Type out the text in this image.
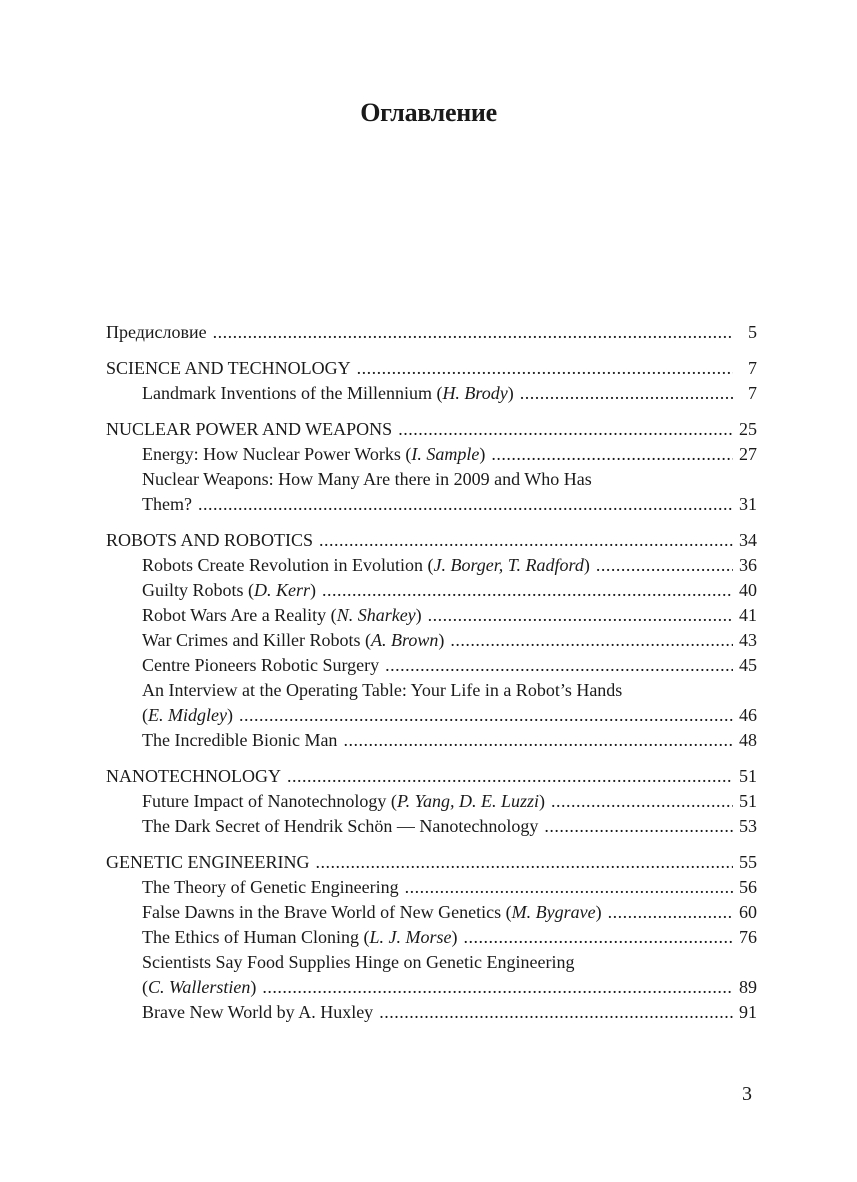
Оглавление
Предисловие .....	5
SCIENCE AND TECHNOLOGY .....	7
Landmark Inventions of the Millennium (H. Brody) .....	7
NUCLEAR POWER AND WEAPONS .....	25
Energy: How Nuclear Power Works (I. Sample) .....	27
Nuclear Weapons: How Many Are there in 2009 and Who Has
Them? .....	31
ROBOTS AND ROBOTICS .....	34
Robots Create Revolution in Evolution (J. Borger, T. Radford) .....	36
Guilty Robots (D. Kerr) .....	40
Robot Wars Are a Reality (N. Sharkey) .....	41
War Crimes and Killer Robots (A. Brown) .....	43
Centre Pioneers Robotic Surgery .....	45
An Interview at the Operating Table: Your Life in a Robot’s Hands
(E. Midgley) .....	46
The Incredible Bionic Man .....	48
NANOTECHNOLOGY .....	51
Future Impact of Nanotechnology (P. Yang, D. E. Luzzi) .....	51
The Dark Secret of Hendrik Schön — Nanotechnology .....	53
GENETIC ENGINEERING .....	55
The Theory of Genetic Engineering .....	56
False Dawns in the Brave World of New Genetics (M. Bygrave) .....	60
The Ethics of Human Cloning (L. J. Morse) .....	76
Scientists Say Food Supplies Hinge on Genetic Engineering
(C. Wallerstien) .....	89
Brave New World by A. Huxley .....	91
3
